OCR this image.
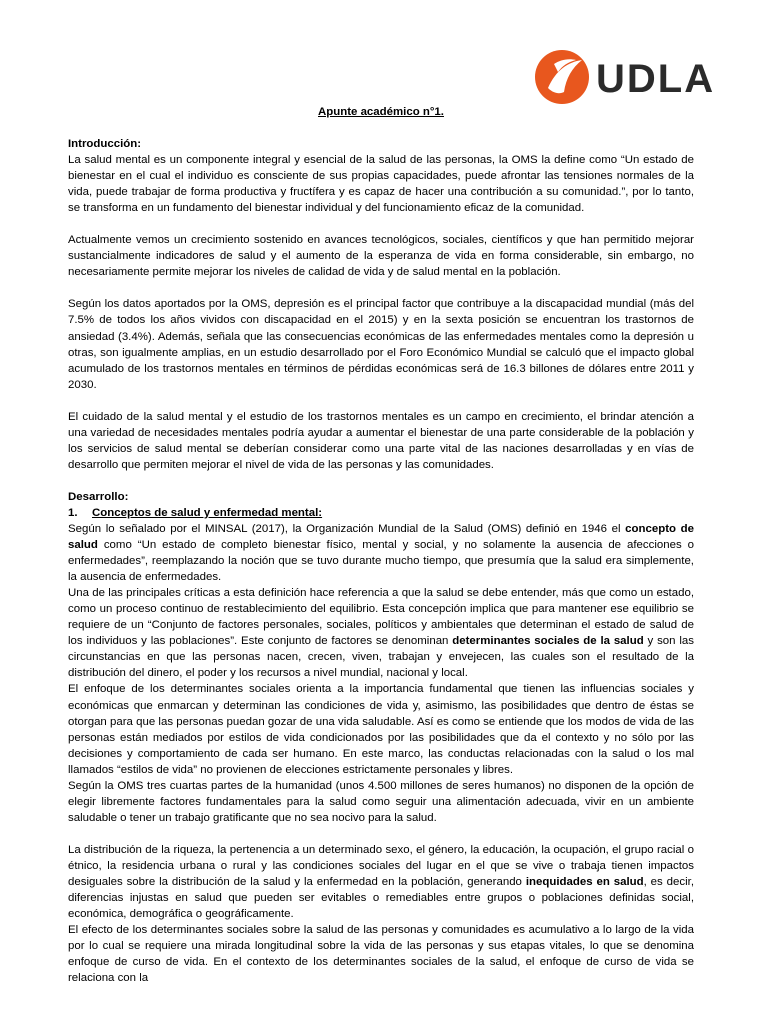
UDLA

Apunte académico n°1.

Introducción:

La salud mental es un componente integral y esencial de la salud de las personas, la OMS la define como “Un estado de bienestar en el cual el individuo es consciente de sus propias capacidades, puede afrontar las tensiones normales de la vida, puede trabajar de forma productiva y fructífera y es capaz de hacer una contribución a su comunidad.”, por lo tanto, se transforma en un fundamento del bienestar individual y del funcionamiento eficaz de la comunidad.

Actualmente vemos un crecimiento sostenido en avances tecnológicos, sociales, científicos y que han permitido mejorar sustancialmente indicadores de salud y el aumento de la esperanza de vida en forma considerable, sin embargo, no necesariamente permite mejorar los niveles de calidad de vida y de salud mental en la población.

Según los datos aportados por la OMS, depresión es el principal factor que contribuye a la discapacidad mundial (más del 7.5% de todos los años vividos con discapacidad en el 2015) y en la sexta posición se encuentran los trastornos de ansiedad (3.4%). Además, señala que las consecuencias económicas de las enfermedades mentales como la depresión u otras, son igualmente amplias, en un estudio desarrollado por el Foro Económico Mundial se calculó que el impacto global acumulado de los trastornos mentales en términos de pérdidas económicas será de 16.3 billones de dólares entre 2011 y 2030.

El cuidado de la salud mental y el estudio de los trastornos mentales es un campo en crecimiento, el brindar atención a una variedad de necesidades mentales podría ayudar a aumentar el bienestar de una parte considerable de la población y los servicios de salud mental se deberían considerar como una parte vital de las naciones desarrolladas y en vías de desarrollo que permiten mejorar el nivel de vida de las personas y las comunidades.

Desarrollo:

1. Conceptos de salud y enfermedad mental:

Según lo señalado por el MINSAL (2017), la Organización Mundial de la Salud (OMS) definió en 1946 el concepto de salud como “Un estado de completo bienestar físico, mental y social, y no solamente la ausencia de afecciones o enfermedades”, reemplazando la noción que se tuvo durante mucho tiempo, que presumía que la salud era simplemente, la ausencia de enfermedades.

Una de las principales críticas a esta definición hace referencia a que la salud se debe entender, más que como un estado, como un proceso continuo de restablecimiento del equilibrio. Esta concepción implica que para mantener ese equilibrio se requiere de un “Conjunto de factores personales, sociales, políticos y ambientales que determinan el estado de salud de los individuos y las poblaciones”. Este conjunto de factores se denominan determinantes sociales de la salud y son las circunstancias en que las personas nacen, crecen, viven, trabajan y envejecen, las cuales son el resultado de la distribución del dinero, el poder y los recursos a nivel mundial, nacional y local.

El enfoque de los determinantes sociales orienta a la importancia fundamental que tienen las influencias sociales y económicas que enmarcan y determinan las condiciones de vida y, asimismo, las posibilidades que dentro de éstas se otorgan para que las personas puedan gozar de una vida saludable. Así es como se entiende que los modos de vida de las personas están mediados por estilos de vida condicionados por las posibilidades que da el contexto y no sólo por las decisiones y comportamiento de cada ser humano. En este marco, las conductas relacionadas con la salud o los mal llamados “estilos de vida” no provienen de elecciones estrictamente personales y libres.

Según la OMS tres cuartas partes de la humanidad (unos 4.500 millones de seres humanos) no disponen de la opción de elegir libremente factores fundamentales para la salud como seguir una alimentación adecuada, vivir en un ambiente saludable o tener un trabajo gratificante que no sea nocivo para la salud.

La distribución de la riqueza, la pertenencia a un determinado sexo, el género, la educación, la ocupación, el grupo racial o étnico, la residencia urbana o rural y las condiciones sociales del lugar en el que se vive o trabaja tienen impactos desiguales sobre la distribución de la salud y la enfermedad en la población, generando inequidades en salud, es decir, diferencias injustas en salud que pueden ser evitables o remediables entre grupos o poblaciones definidas social, económica, demográfica o geográficamente.

El efecto de los determinantes sociales sobre la salud de las personas y comunidades es acumulativo a lo largo de la vida por lo cual se requiere una mirada longitudinal sobre la vida de las personas y sus etapas vitales, lo que se denomina enfoque de curso de vida. En el contexto de los determinantes sociales de la salud, el enfoque de curso de vida se relaciona con la
